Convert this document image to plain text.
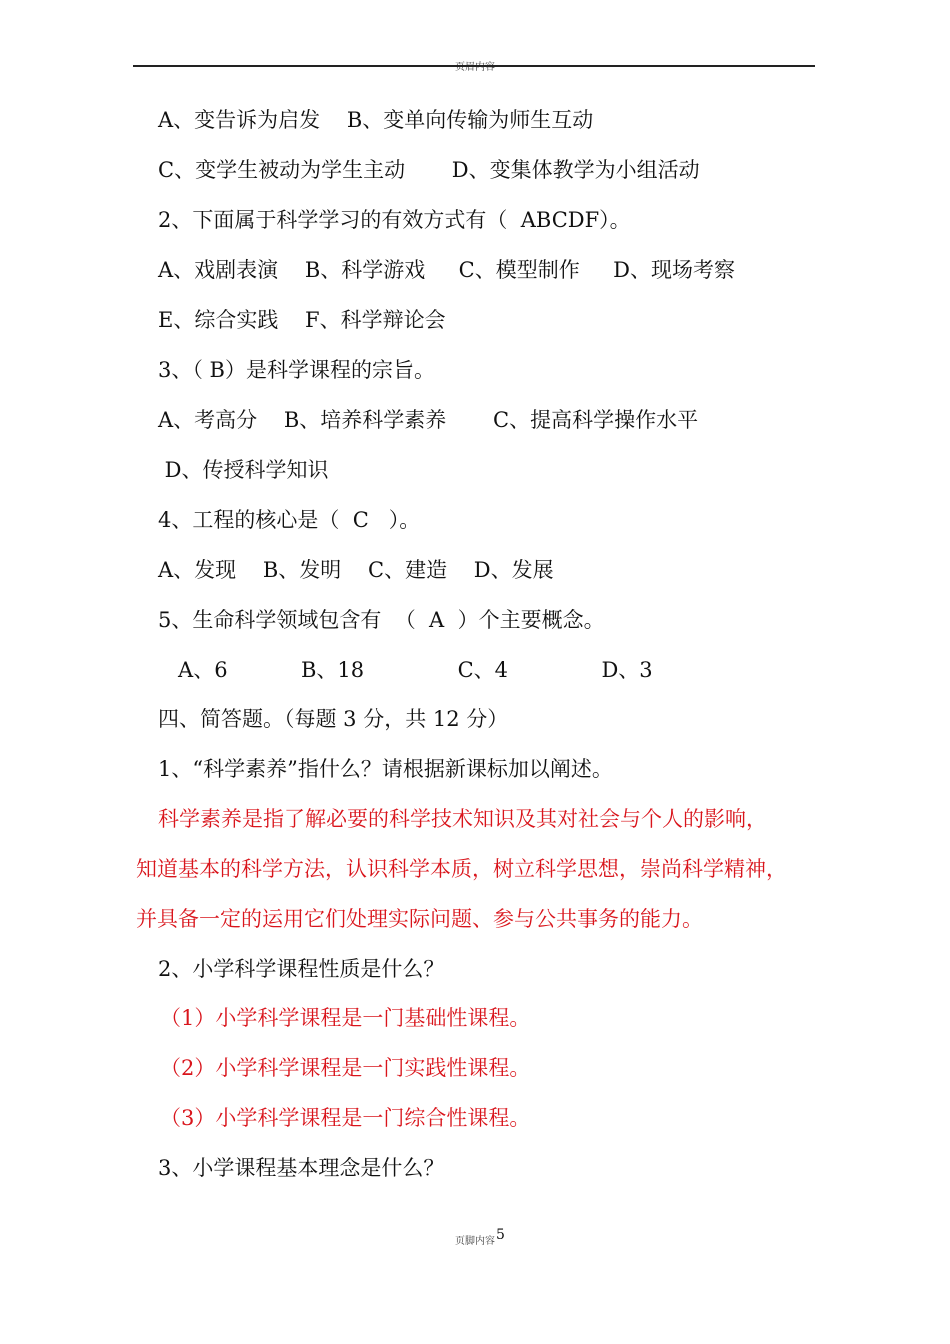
页眉内容
A、变告诉为启发    B、变单向传输为师生互动
C、变学生被动为学生主动       D、变集体教学为小组活动
2、下面属于科学学习的有效方式有（  ABCDF）。
A、戏剧表演    B、科学游戏     C、模型制作     D、现场考察
E、综合实践    F、科学辩论会
3、（ B）是科学课程的宗旨。
A、考高分    B、培养科学素养       C、提高科学操作水平
D、传授科学知识
4、工程的核心是（  C   ）。
A、发现    B、发明    C、建造    D、发展
5、生命科学领域包含有  （  A  ）个主要概念。
A、6           B、18              C、4              D、3
四、简答题。（每题 3 分，共 12 分）
1、“科学素养”指什么？请根据新课标加以阐述。
科学素养是指了解必要的科学技术知识及其对社会与个人的影响，
知道基本的科学方法，认识科学本质，树立科学思想，崇尚科学精神，
并具备一定的运用它们处理实际问题、参与公共事务的能力。
2、小学科学课程性质是什么？
（1）小学科学课程是一门基础性课程。
（2）小学科学课程是一门实践性课程。
（3）小学科学课程是一门综合性课程。
3、小学课程基本理念是什么？
页脚内容5
